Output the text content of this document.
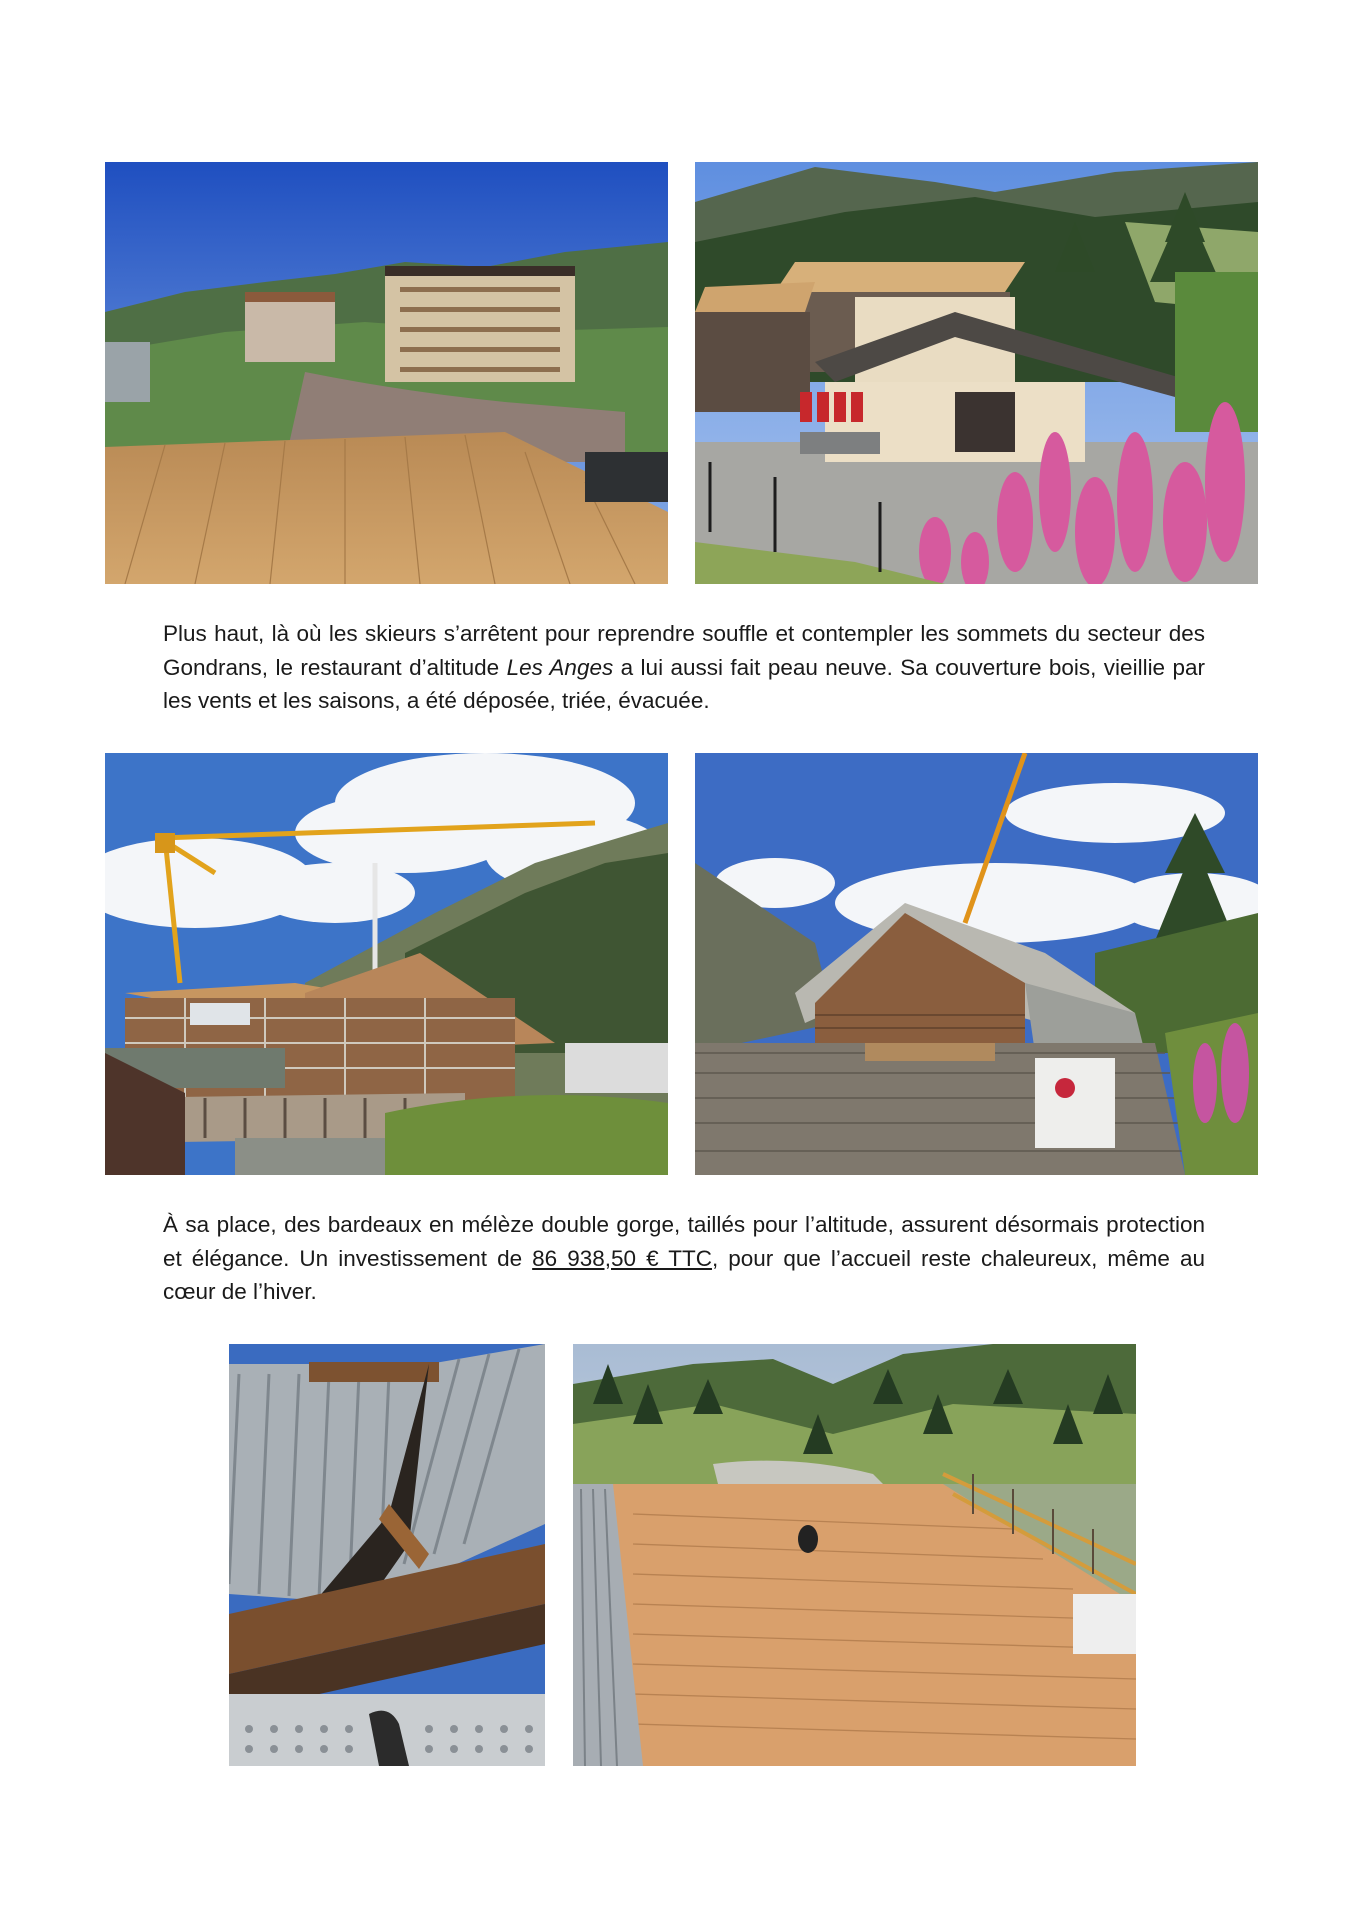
Plus haut, là où les skieurs s’arrêtent pour reprendre souffle et contempler les sommets du secteur des Gondrans, le restaurant d’altitude Les Anges a lui aussi fait peau neuve. Sa couverture bois, vieillie par les vents et les saisons, a été déposée, triée, évacuée.

À sa place, des bardeaux en mélèze double gorge, taillés pour l’altitude, assurent désormais protection et élégance. Un investissement de 86 938,50 € TTC, pour que l’accueil reste chaleureux, même au cœur de l’hiver.
